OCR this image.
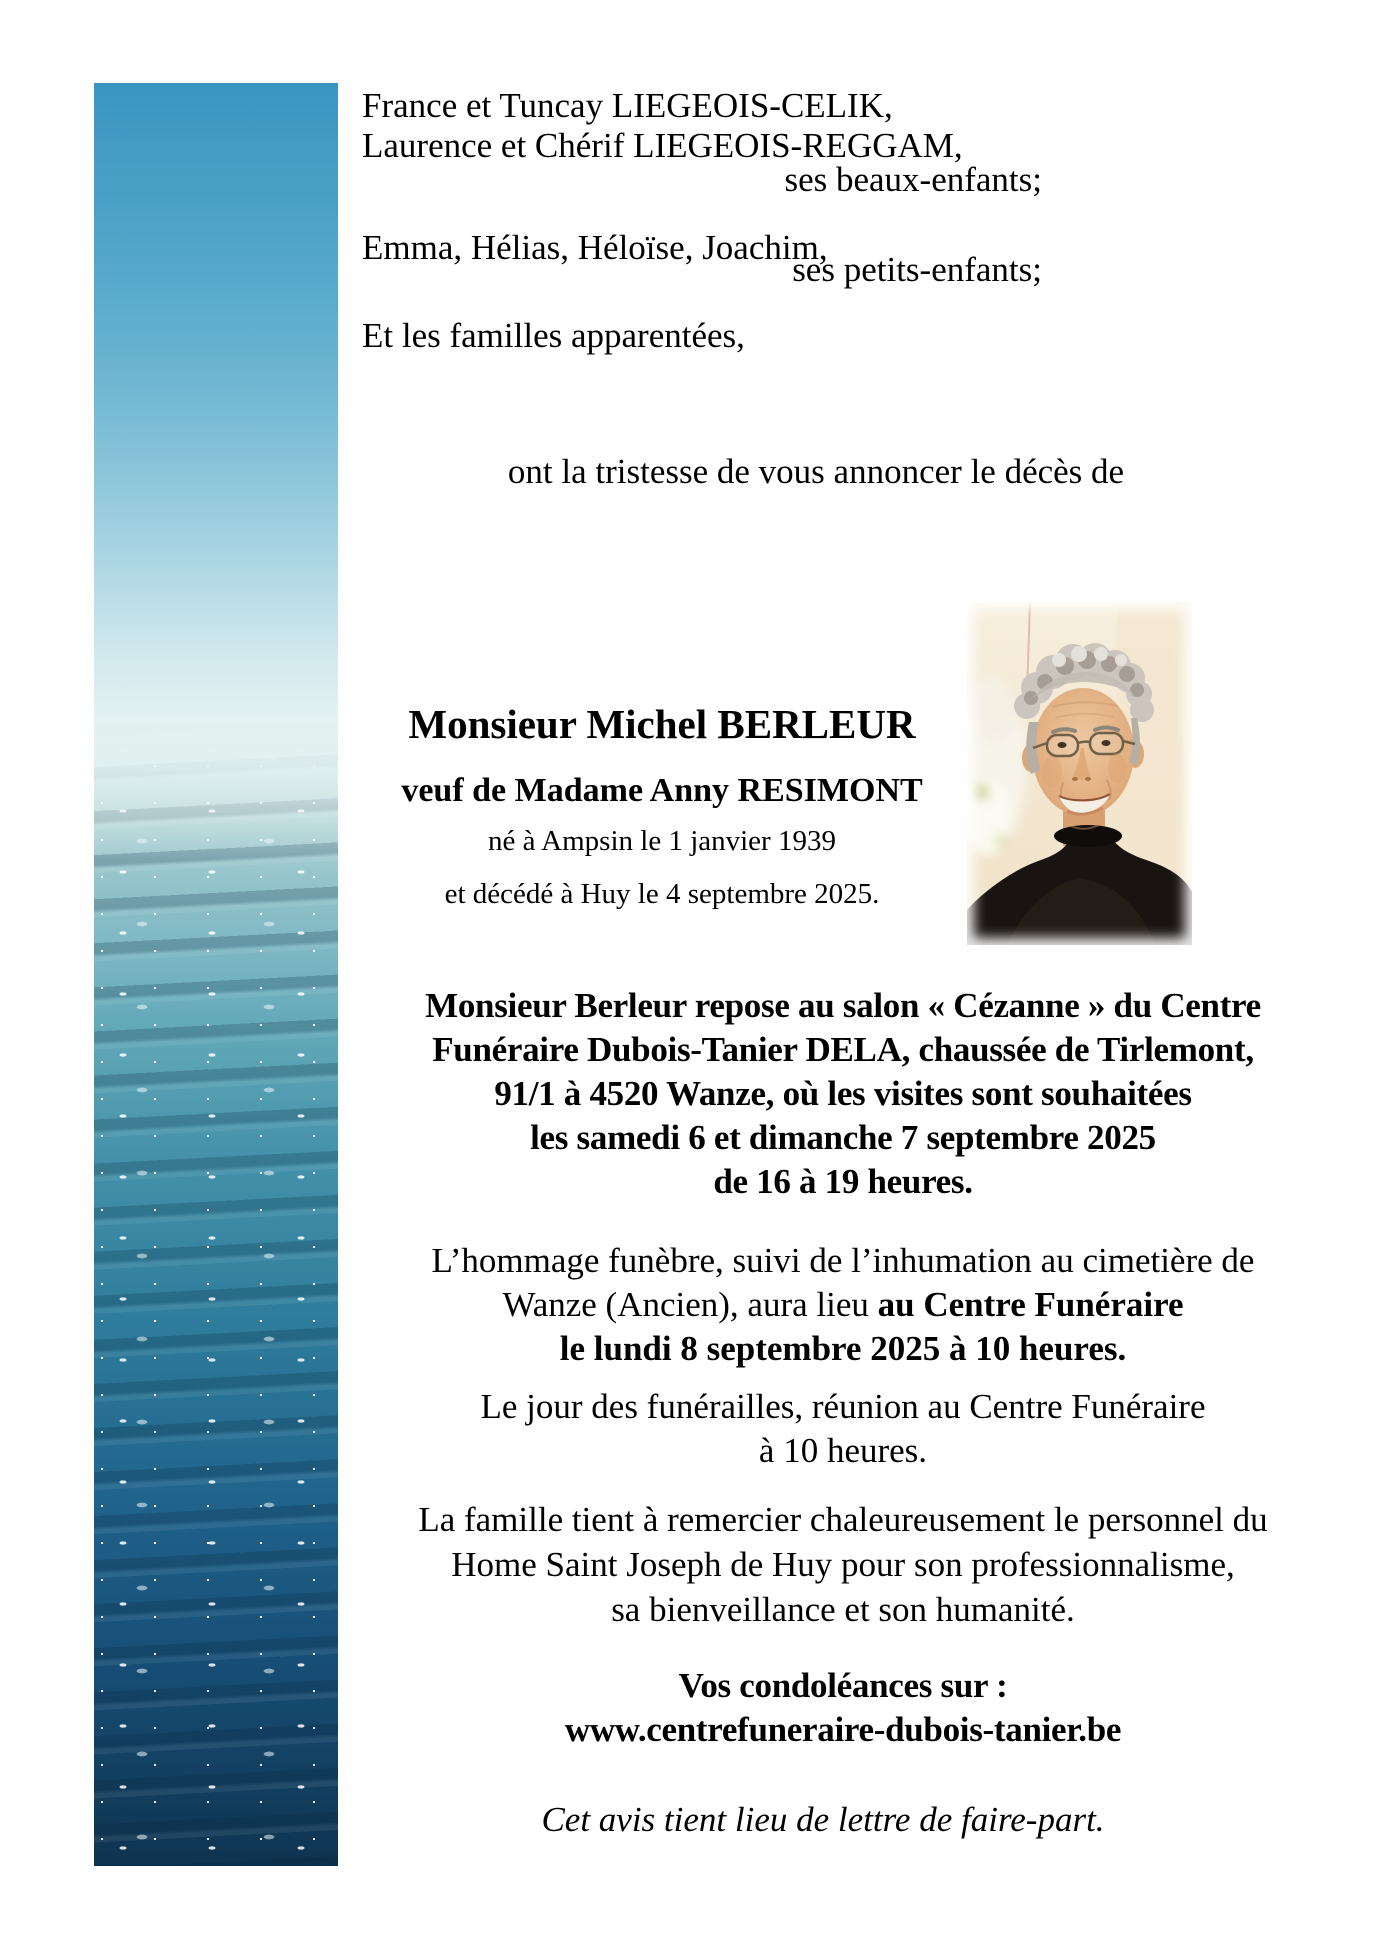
France et Tuncay LIEGEOIS-CELIK,
Laurence et Chérif LIEGEOIS-REGGAM,
ses beaux-enfants;
Emma, Hélias, Héloïse, Joachim,
ses petits-enfants;
Et les familles apparentées,
ont la tristesse de vous annoncer le décès de
Monsieur Michel BERLEUR
veuf de Madame Anny RESIMONT
né à Ampsin le 1 janvier 1939
et décédé à Huy le 4 septembre 2025.
Monsieur Berleur repose au salon « Cézanne » du Centre
Funéraire Dubois-Tanier DELA, chaussée de Tirlemont,
91/1 à 4520 Wanze, où les visites sont souhaitées
les samedi 6 et dimanche 7 septembre 2025
de 16 à 19 heures.
L’hommage funèbre, suivi de l’inhumation au cimetière de
Wanze (Ancien), aura lieu au Centre Funéraire
le lundi 8 septembre 2025 à 10 heures.
Le jour des funérailles, réunion au Centre Funéraire
à 10 heures.
La famille tient à remercier chaleureusement le personnel du
Home Saint Joseph de Huy pour son professionnalisme,
sa bienveillance et son humanité.
Vos condoléances sur :
www.centrefuneraire-dubois-tanier.be
Cet avis tient lieu de lettre de faire-part.
